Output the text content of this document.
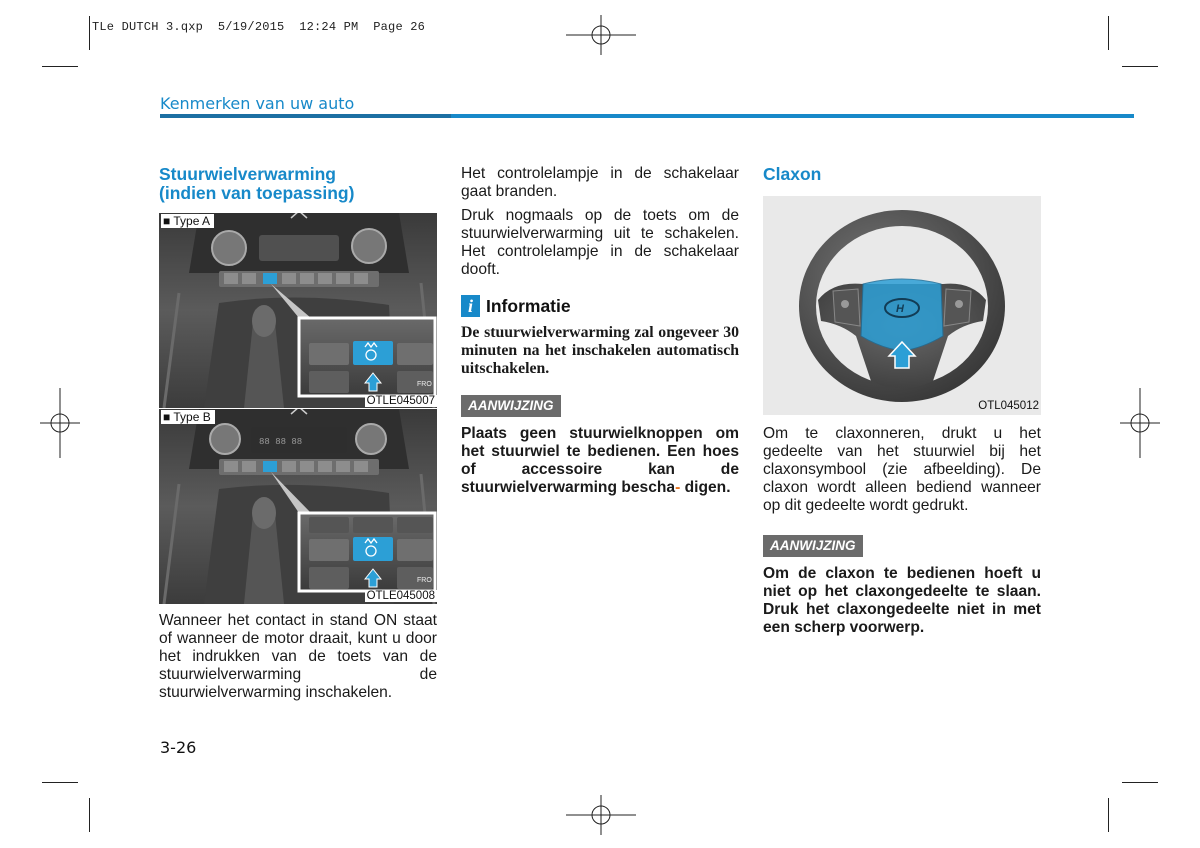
TLe DUTCH 3.qxp  5/19/2015  12:24 PM  Page 26
Kenmerken van uw auto
Stuurwielverwarming
(indien van toepassing)
■ Type A
FRO
OTLE045007
■ Type B
88 88 88
FRO
OTLE045008

Wanneer het contact in stand ON staat of wanneer de motor draait, kunt u door het indrukken van de toets van de stuurwielverwarming de stuurwielverwarming inschakelen.

Het controlelampje in de schakelaar gaat branden.

Druk nogmaals op de toets om de stuurwielverwarming uit te schakelen. Het controlelampje in de schakelaar dooft.

i Informatie

De stuurwielverwarming zal ongeveer 30 minuten na het inschakelen automatisch uitschakelen.

AANWIJZING

Plaats geen stuurwielknoppen om het stuurwiel te bedienen. Een hoes of accessoire kan de stuurwielverwarming bescha- digen.

Claxon
H
OTL045012

Om te claxonneren, drukt u het gedeelte van het stuurwiel bij het claxonsymbool (zie afbeelding). De claxon wordt alleen bediend wanneer op dit gedeelte wordt gedrukt.

AANWIJZING

Om de claxon te bedienen hoeft u niet op het claxongedeelte te slaan. Druk het claxongedeelte niet in met een scherp voorwerp.

3-26
